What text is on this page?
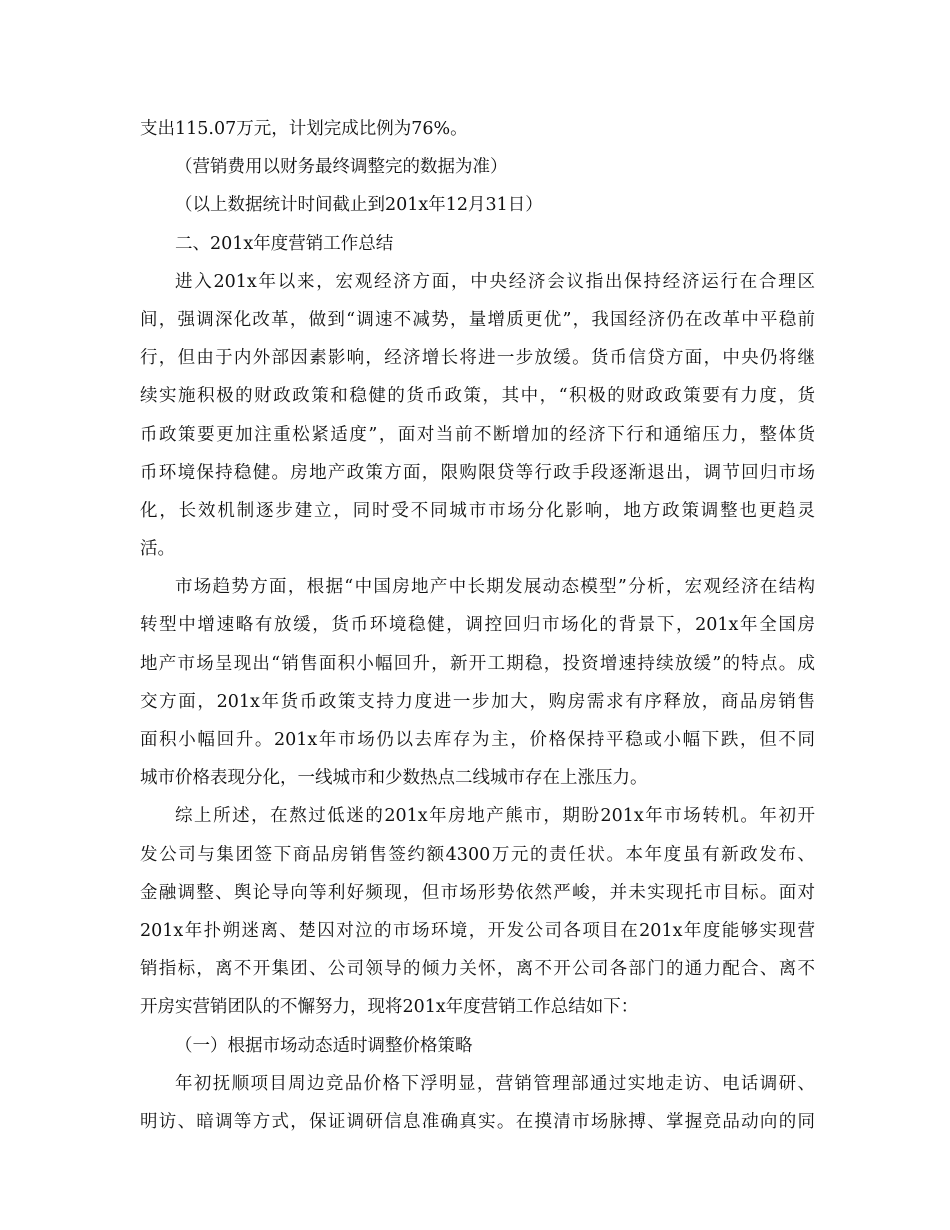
支出115.07万元，计划完成比例为76%。
（营销费用以财务最终调整完的数据为准）
（以上数据统计时间截止到201x年12月31日）
二、201x年度营销工作总结
进入201x年以来，宏观经济方面，中央经济会议指出保持经济运行在合理区
间，强调深化改革，做到“调速不减势，量增质更优”，我国经济仍在改革中平稳前
行，但由于内外部因素影响，经济增长将进一步放缓。货币信贷方面，中央仍将继
续实施积极的财政政策和稳健的货币政策，其中，“积极的财政政策要有力度，货
币政策要更加注重松紧适度”，面对当前不断增加的经济下行和通缩压力，整体货
币环境保持稳健。房地产政策方面，限购限贷等行政手段逐渐退出，调节回归市场
化，长效机制逐步建立，同时受不同城市市场分化影响，地方政策调整也更趋灵
活。
市场趋势方面，根据“中国房地产中长期发展动态模型”分析，宏观经济在结构
转型中增速略有放缓，货币环境稳健，调控回归市场化的背景下，201x年全国房
地产市场呈现出“销售面积小幅回升，新开工期稳，投资增速持续放缓”的特点。成
交方面，201x年货币政策支持力度进一步加大，购房需求有序释放，商品房销售
面积小幅回升。201x年市场仍以去库存为主，价格保持平稳或小幅下跌，但不同
城市价格表现分化，一线城市和少数热点二线城市存在上涨压力。
综上所述，在熬过低迷的201x年房地产熊市，期盼201x年市场转机。年初开
发公司与集团签下商品房销售签约额4300万元的责任状。本年度虽有新政发布、
金融调整、舆论导向等利好频现，但市场形势依然严峻，并未实现托市目标。面对
201x年扑朔迷离、楚囚对泣的市场环境，开发公司各项目在201x年度能够实现营
销指标，离不开集团、公司领导的倾力关怀，离不开公司各部门的通力配合、离不
开房实营销团队的不懈努力，现将201x年度营销工作总结如下：
（一）根据市场动态适时调整价格策略
年初抚顺项目周边竞品价格下浮明显，营销管理部通过实地走访、电话调研、
明访、暗调等方式，保证调研信息准确真实。在摸清市场脉搏、掌握竞品动向的同
